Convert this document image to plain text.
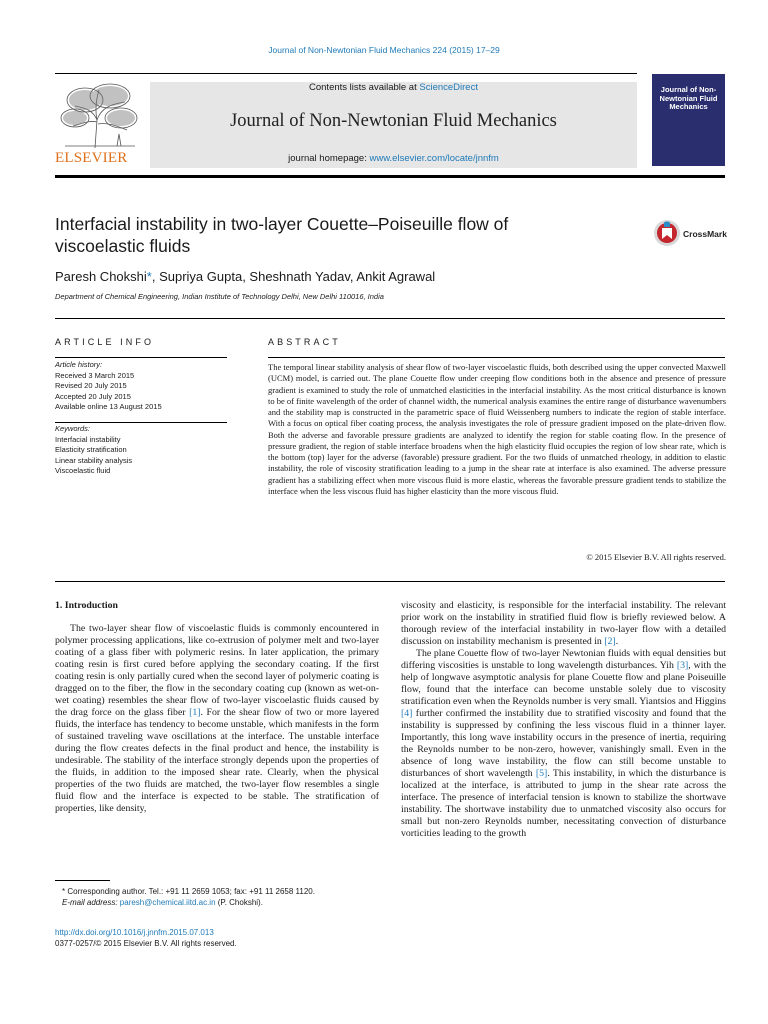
Journal of Non-Newtonian Fluid Mechanics 224 (2015) 17–29
ELSEVIER
Contents lists available at ScienceDirect
Journal of Non-Newtonian Fluid Mechanics
journal homepage: www.elsevier.com/locate/jnnfm
Journal of Non-Newtonian Fluid Mechanics
Interfacial instability in two-layer Couette–Poiseuille flow of viscoelastic fluids
CrossMark
Paresh Chokshi*, Supriya Gupta, Sheshnath Yadav, Ankit Agrawal
Department of Chemical Engineering, Indian Institute of Technology Delhi, New Delhi 110016, India
ARTICLE INFO	ABSTRACT
Article history:
Received 3 March 2015
Revised 20 July 2015
Accepted 20 July 2015
Available online 13 August 2015
Keywords:
Interfacial instability
Elasticity stratification
Linear stability analysis
Viscoelastic fluid
The temporal linear stability analysis of shear flow of two-layer viscoelastic fluids, both described using the upper convected Maxwell (UCM) model, is carried out. The plane Couette flow under creeping flow conditions both in the absence and presence of pressure gradient is examined to study the role of unmatched elasticities in the interfacial instability. As the most critical disturbance is known to be of finite wavelength of the order of channel width, the numerical analysis examines the entire range of disturbance wavenumbers and the stability map is constructed in the parametric space of fluid Weissenberg numbers to indicate the region of stable interface. With a focus on optical fiber coating process, the analysis investigates the role of pressure gradient imposed on the plate-driven flow. Both the adverse and favorable pressure gradients are analyzed to identify the region for stable coating flow. In the presence of pressure gradient, the region of stable interface broadens when the high elasticity fluid occupies the region of low shear rate, which is the bottom (top) layer for the adverse (favorable) pressure gradient. For the two fluids of unmatched rheology, in addition to elastic instability, the role of viscosity stratification leading to a jump in the shear rate at interface is also examined. The adverse pressure gradient has a stabilizing effect when more viscous fluid is more elastic, whereas the favorable pressure gradient tends to stabilize the interface when the less viscous fluid has higher elasticity than the more viscous fluid.
© 2015 Elsevier B.V. All rights reserved.
1. Introduction

The two-layer shear flow of viscoelastic fluids is commonly encountered in polymer processing applications, like co-extrusion of polymer melt and two-layer coating of a glass fiber with polymeric resins. In later application, the primary coating resin is first cured before applying the secondary coating. If the first coating resin is only partially cured when the second layer of polymeric coating is dragged on to the fiber, the flow in the secondary coating cup (known as wet-on-wet coating) resembles the shear flow of two-layer viscoelastic fluids caused by the drag force on the glass fiber [1]. For the shear flow of two or more layered fluids, the interface has tendency to become unstable, which manifests in the form of sustained traveling wave oscillations at the interface. The unstable interface during the flow creates defects in the final product and hence, the instability is undesirable. The stability of the interface strongly depends upon the properties of the fluids, in addition to the imposed shear rate. Clearly, when the physical properties of the two fluids are matched, the two-layer flow resembles a single fluid flow and the interface is expected to be stable. The stratification of properties, like density,

viscosity and elasticity, is responsible for the interfacial instability. The relevant prior work on the instability in stratified fluid flow is briefly reviewed below. A thorough review of the interfacial instability in two-layer flow with a detailed discussion on instability mechanism is presented in [2].

The plane Couette flow of two-layer Newtonian fluids with equal densities but differing viscosities is unstable to long wavelength disturbances. Yih [3], with the help of longwave asymptotic analysis for plane Couette flow and plane Poiseuille flow, found that the interface can become unstable solely due to viscosity stratification even when the Reynolds number is very small. Yiantsios and Higgins [4] further confirmed the instability due to stratified viscosity and found that the instability is suppressed by confining the less viscous fluid in a thinner layer. Importantly, this long wave instability occurs in the presence of inertia, requiring the Reynolds number to be non-zero, however, vanishingly small. Even in the absence of long wave instability, the flow can still become unstable to disturbances of short wavelength [5]. This instability, in which the disturbance is localized at the interface, is attributed to jump in the shear rate across the interface. The presence of interfacial tension is known to stabilize the shortwave instability. The shortwave instability due to unmatched viscosity also occurs for small but non-zero Reynolds number, necessitating convection of disturbance vorticities leading to the growth

* Corresponding author. Tel.: +91 11 2659 1053; fax: +91 11 2658 1120.
E-mail address: paresh@chemical.iitd.ac.in (P. Chokshi).
http://dx.doi.org/10.1016/j.jnnfm.2015.07.013
0377-0257/© 2015 Elsevier B.V. All rights reserved.
